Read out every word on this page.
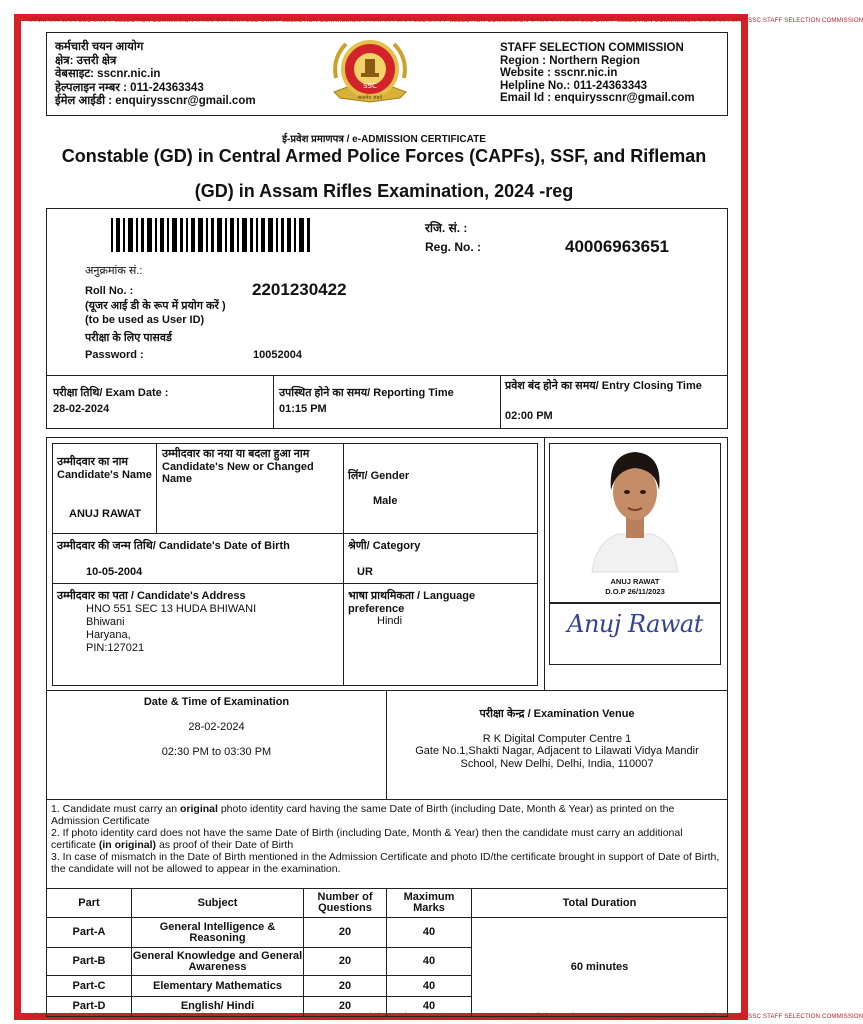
कर्मचारी चयन आयोग SSC STAFF SELECTION COMMISSION कर्मचारी चयन आयोग SSC STAFF SELECTION COMMISSION कर्मचारी चयन आयोग SSC STAFF SELECTION COMMISSION कर्मचारी चयन आयोग SSC STAFF SELECTION COMMISSION कर्मचारी चयन आयोग SSC STAFF SELECTION COMMISSION
कर्मचारी चयन आयोग SSC STAFF SELECTION COMMISSION कर्मचारी चयन आयोग SSC STAFF SELECTION COMMISSION कर्मचारी चयन आयोग SSC STAFF SELECTION COMMISSION कर्मचारी चयन आयोग SSC STAFF SELECTION COMMISSION कर्मचारी चयन आयोग SSC STAFF SELECTION COMMISSION
कर्मचारी चयन आयोग
क्षेत्र: उत्तरी क्षेत्र
वेबसाइट: sscnr.nic.in
हेल्पलाइन नम्बर : 011-24363343
ईमेल आईडी : enquirysscnr@gmail.com
STAFF SELECTION COMMISSION
Region : Northern Region
Website : sscnr.nic.in
Helpline No.: 011-24363343
Email Id : enquirysscnr@gmail.com
SSC
सत्यमेव जयते
ई-प्रवेश प्रमाणपत्र / e-ADMISSION CERTIFICATE
Constable (GD) in Central Armed Police Forces (CAPFs), SSF, and Rifleman
(GD) in Assam Rifles Examination, 2024 -reg
रजि. सं. :
Reg. No. :	40006963651
अनुक्रमांक सं.:
Roll No. :	2201230422
(यूजर आई डी के रूप में प्रयोग करें )
(to be used as User ID)
परीक्षा के लिए पासवर्ड
Password :	10052004
परीक्षा तिथि/ Exam Date :
28-02-2024
उपस्थित होने का समय/ Reporting Time
01:15 PM
प्रवेश बंद होने का समय/ Entry Closing Time
02:00 PM
उम्मीदवार का नाम
Candidate's Name
ANUJ RAWAT
उम्मीदवार का नया या बदला हुआ नाम
Candidate's New or Changed Name	लिंग/ Gender
Male
उम्मीदवार की जन्म तिथि/ Candidate's Date of Birth
10-05-2004
श्रेणी/ Category
UR
उम्मीदवार का पता / Candidate's Address
HNO 551 SEC 13 HUDA BHIWANI
Bhiwani
Haryana,
PIN:127021
भाषा प्राथमिकता / Language preference
Hindi
ANUJ RAWAT
D.O.P 26/11/2023
Anuj Rawat
Date & Time of Examination
28-02-2024
02:30 PM to 03:30 PM
परीक्षा केन्द्र / Examination Venue
R K Digital Computer Centre 1
Gate No.1,Shakti Nagar, Adjacent to Lilawati Vidya Mandir
School, New Delhi, Delhi, India, 110007
1. Candidate must carry an original photo identity card having the same Date of Birth (including Date, Month & Year) as printed on the Admission Certificate
2. If photo identity card does not have the same Date of Birth (including Date, Month & Year) then the candidate must carry an additional certificate (in original) as proof of their Date of Birth
3. In case of mismatch in the Date of Birth mentioned in the Admission Certificate and photo ID/the certificate brought in support of Date of Birth, the candidate will not be allowed to appear in the examination.
Part	Subject	Number of Questions	Maximum Marks	Total Duration
Part-A	General Intelligence & Reasoning	20	40	60 minutes
Part-B	General Knowledge and General Awareness	20	40	
Part-C	Elementary Mathematics	20	40	
Part-D	English/ Hindi	20	40	
